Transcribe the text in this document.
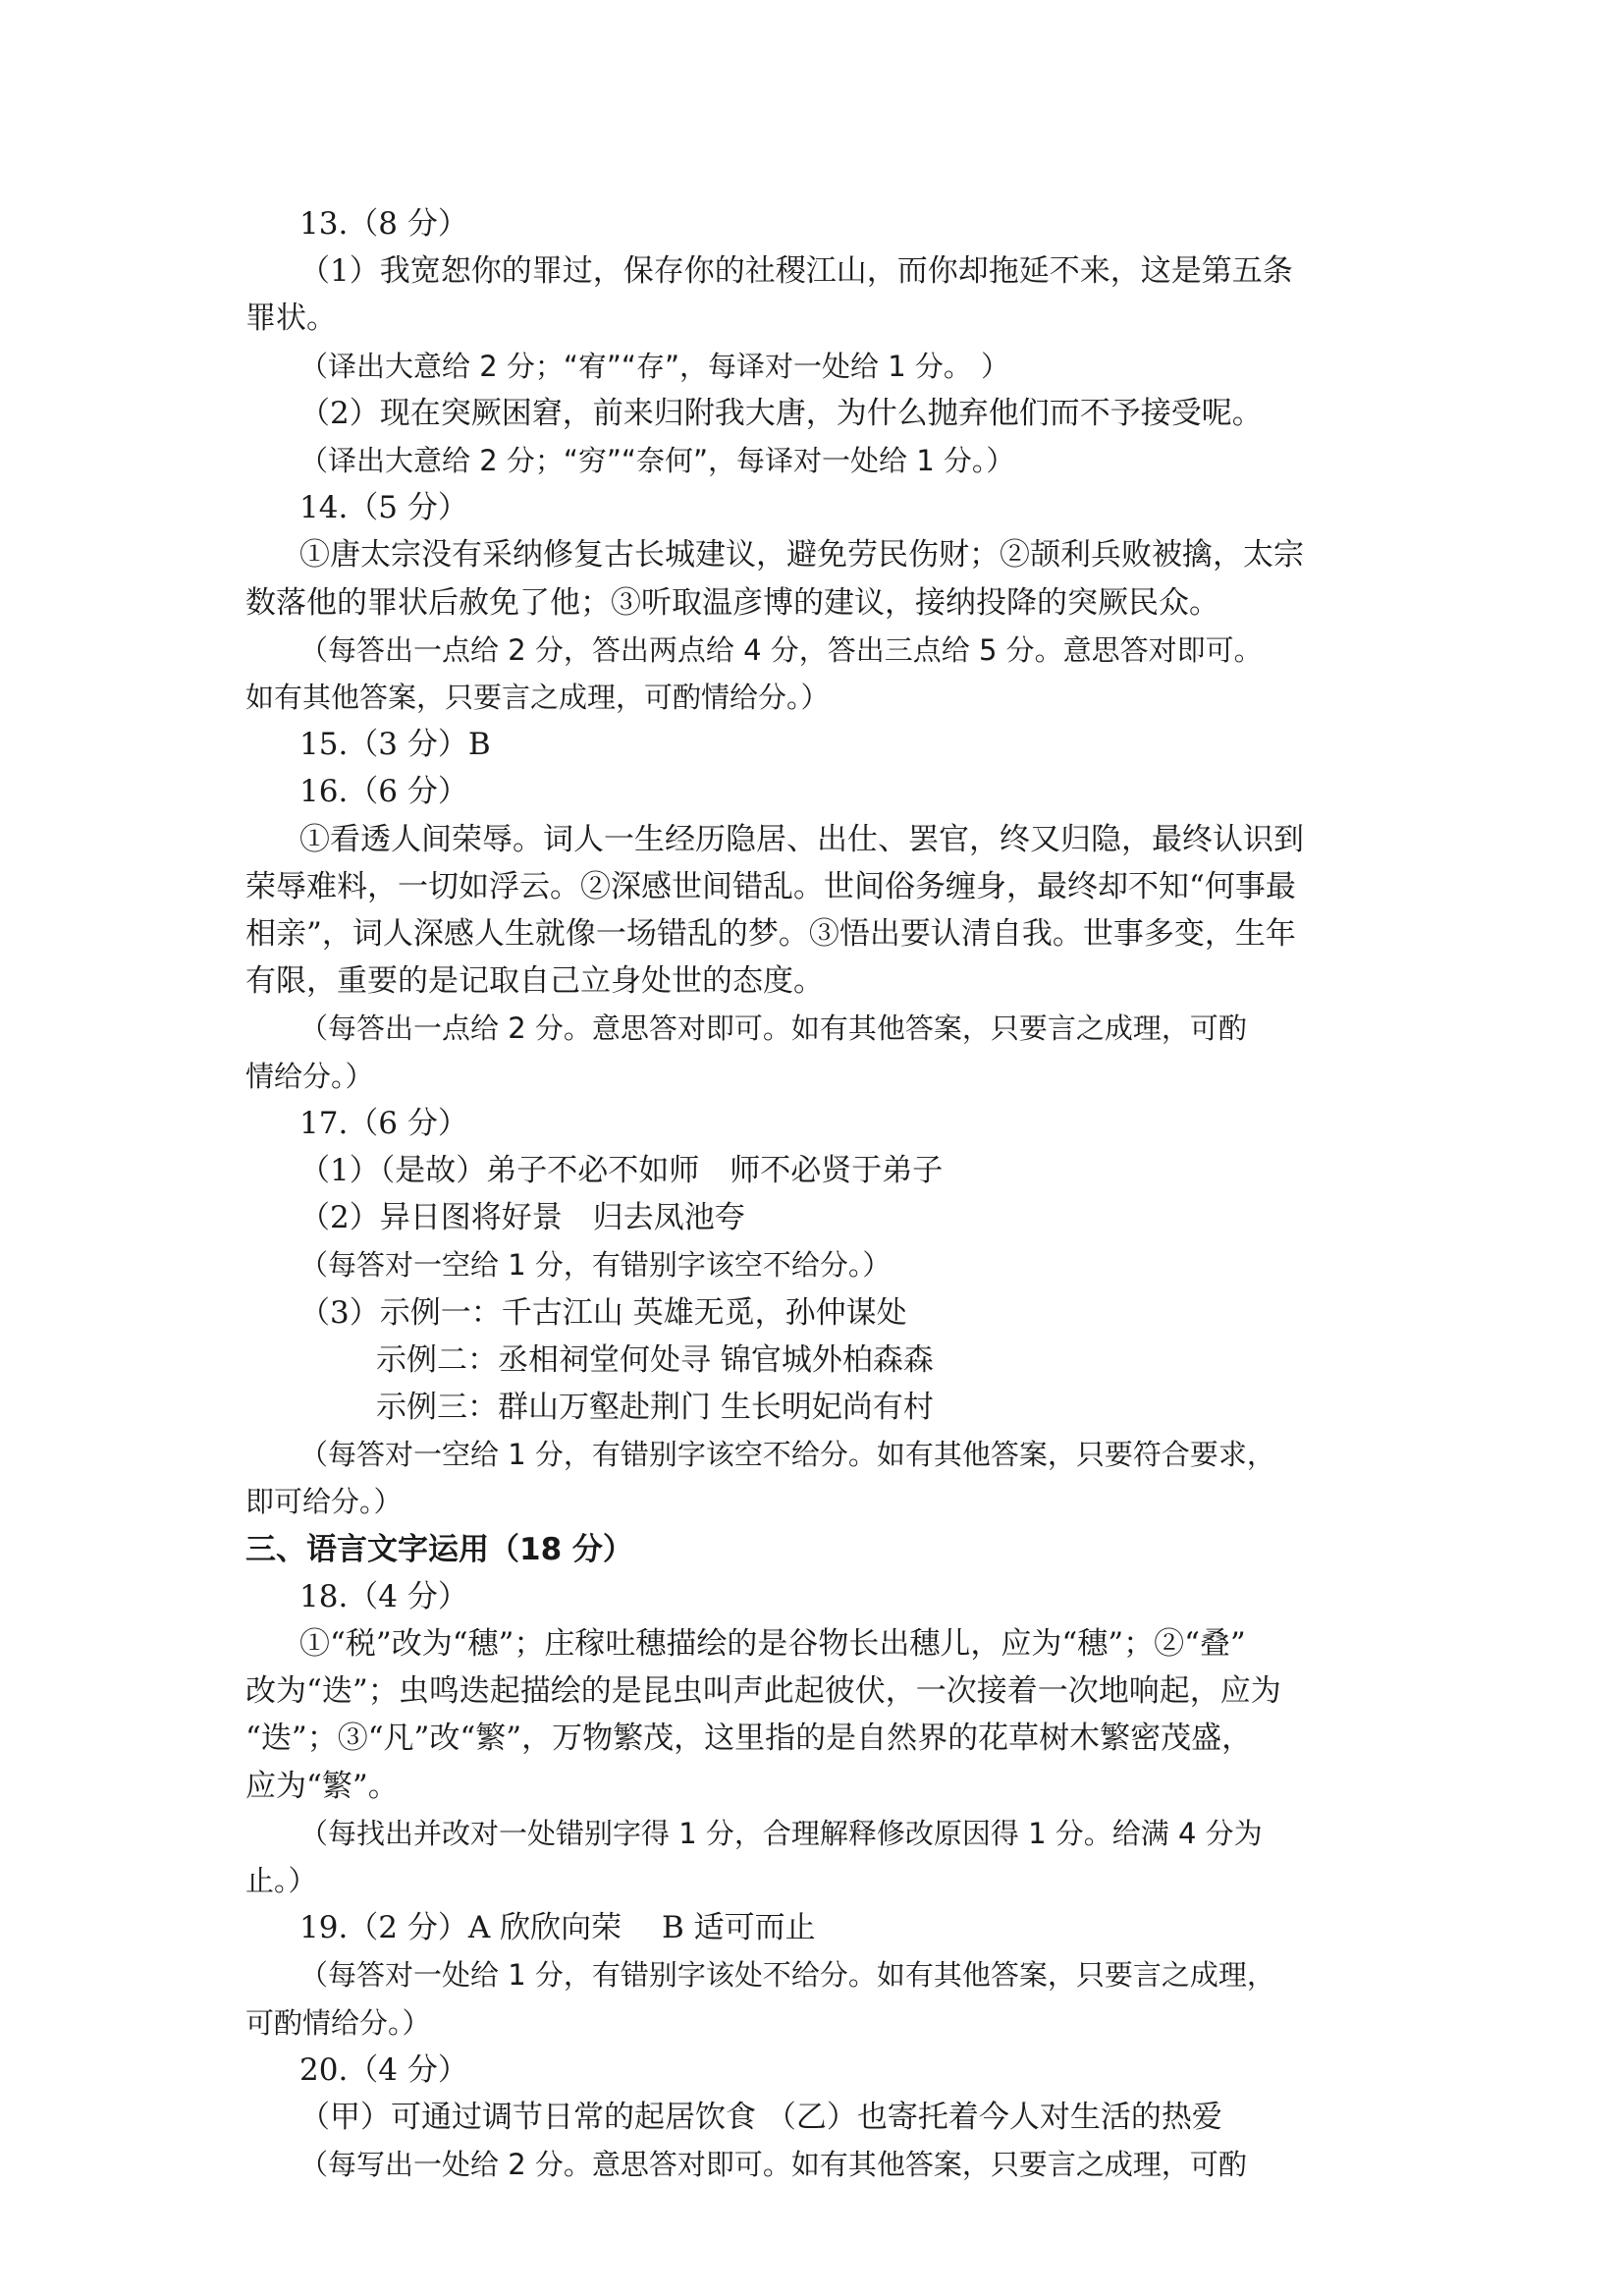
13.（8 分）
（1）我宽恕你的罪过，保存你的社稷江山，而你却拖延不来，这是第五条
罪状。
（译出大意给 2 分；“宥”“存”，每译对一处给 1 分。 ）
（2）现在突厥困窘，前来归附我大唐，为什么抛弃他们而不予接受呢。
（译出大意给 2 分；“穷”“奈何”，每译对一处给 1 分。）
14.（5 分）
①唐太宗没有采纳修复古长城建议，避免劳民伤财；②颉利兵败被擒，太宗
数落他的罪状后赦免了他；③听取温彦博的建议，接纳投降的突厥民众。
（每答出一点给 2 分，答出两点给 4 分，答出三点给 5 分。意思答对即可。
如有其他答案，只要言之成理，可酌情给分。）
15.（3 分）B
16.（6 分）
①看透人间荣辱。词人一生经历隐居、出仕、罢官，终又归隐，最终认识到
荣辱难料，一切如浮云。②深感世间错乱。世间俗务缠身，最终却不知“何事最
相亲”，词人深感人生就像一场错乱的梦。③悟出要认清自我。世事多变，生年
有限，重要的是记取自己立身处世的态度。
（每答出一点给 2 分。意思答对即可。如有其他答案，只要言之成理，可酌
情给分。）
17.（6 分）
（1）（是故）弟子不必不如师　师不必贤于弟子
（2）异日图将好景　归去凤池夸
（每答对一空给 1 分，有错别字该空不给分。）
（3）示例一：千古江山 英雄无觅，孙仲谋处
示例二：丞相祠堂何处寻 锦官城外柏森森
示例三：群山万壑赴荆门 生长明妃尚有村
（每答对一空给 1 分，有错别字该空不给分。如有其他答案，只要符合要求，
即可给分。）
三、语言文字运用（18 分）
18.（4 分）
①“税”改为“穗”；庄稼吐穗描绘的是谷物长出穗儿，应为“穗”；②“叠”
改为“迭”；虫鸣迭起描绘的是昆虫叫声此起彼伏，一次接着一次地响起，应为
“迭”；③“凡”改“繁”，万物繁茂，这里指的是自然界的花草树木繁密茂盛，
应为“繁”。
（每找出并改对一处错别字得 1 分，合理解释修改原因得 1 分。给满 4 分为
止。）
19.（2 分）A 欣欣向荣　 B 适可而止
（每答对一处给 1 分，有错别字该处不给分。如有其他答案，只要言之成理，
可酌情给分。）
20.（4 分）
（甲）可通过调节日常的起居饮食 （乙）也寄托着今人对生活的热爱
（每写出一处给 2 分。意思答对即可。如有其他答案，只要言之成理，可酌
